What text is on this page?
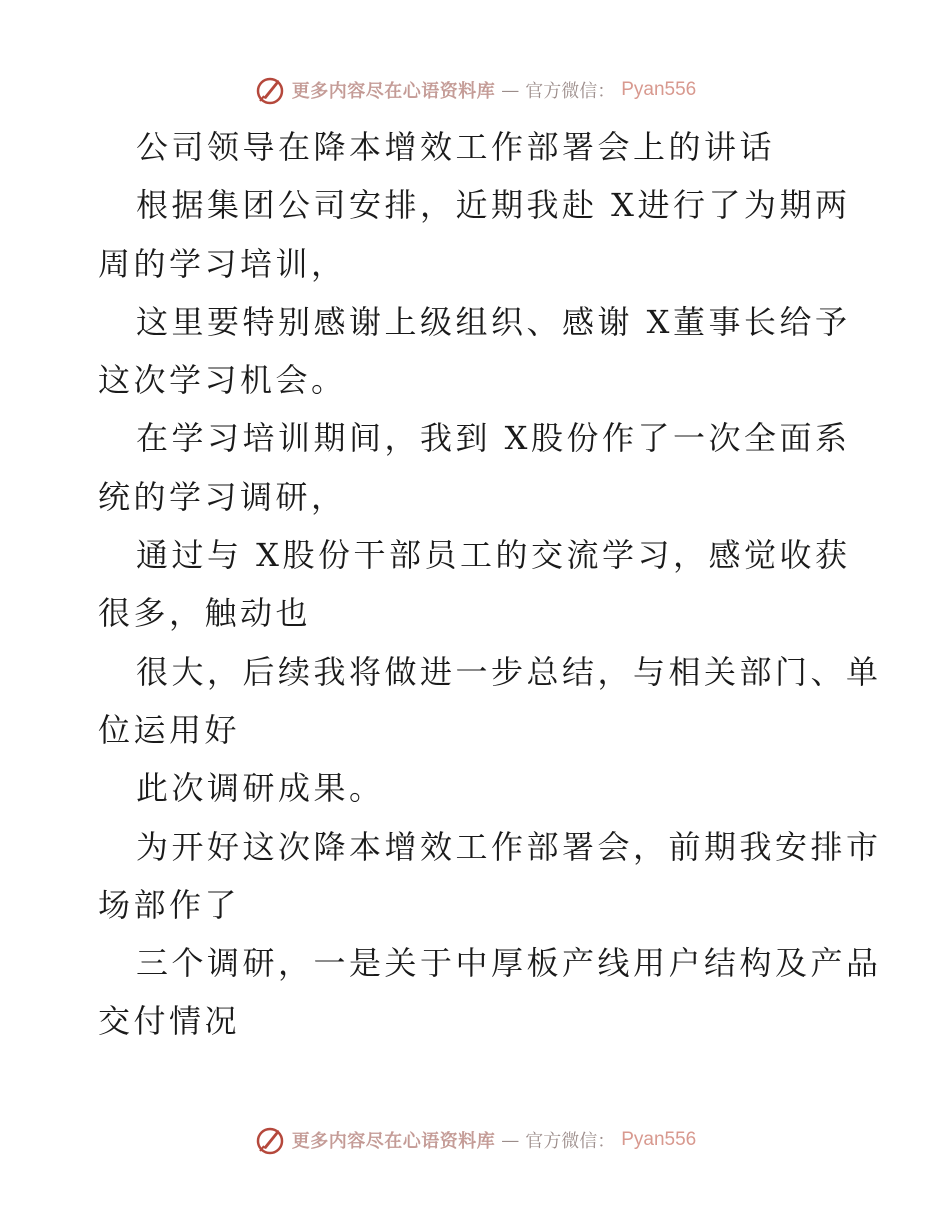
更多内容尽在心语资料库 — 官方微信： Pyan556
公司领导在降本增效工作部署会上的讲话
根据集团公司安排，近期我赴 X进行了为期两
周的学习培训，
这里要特别感谢上级组织、感谢 X董事长给予
这次学习机会。
在学习培训期间，我到 X股份作了一次全面系
统的学习调研，
通过与 X股份干部员工的交流学习，感觉收获
很多，触动也
很大，后续我将做进一步总结，与相关部门、单
位运用好
此次调研成果。
为开好这次降本增效工作部署会，前期我安排市
场部作了
三个调研，一是关于中厚板产线用户结构及产品
交付情况
更多内容尽在心语资料库 — 官方微信： Pyan556
